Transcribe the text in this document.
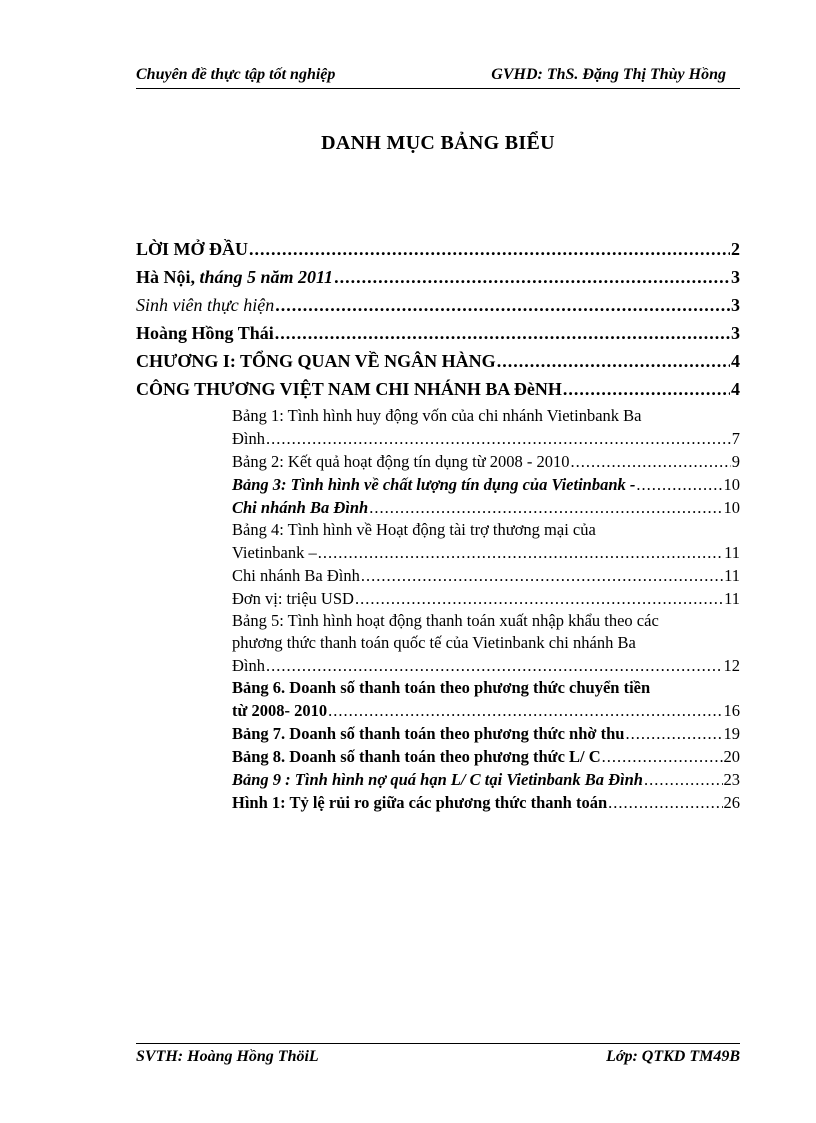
Chuyên đề thực tập tốt nghiệp	GVHD: ThS. Đặng Thị Thùy Hồng
DANH MỤC BẢNG BIỂU
LỜI MỞ ĐẦU .....	2
Hà Nội, tháng 5 năm 2011 .....	3
Sinh viên thực hiện .....	3
Hoàng Hồng Thái .....	3
CHƯƠNG I: TỔNG QUAN VỀ NGÂN HÀNG .....	4
CÔNG THƯƠNG VIỆT NAM CHI NHÁNH BA ĐèNH .....	4
Bảng 1: Tình hình huy động vốn của chi nhánh Vietinbank Ba
Đình .....	7
Bảng 2: Kết quả hoạt động tín dụng từ 2008 - 2010 .....	9
Bảng 3: Tình hình về chất lượng tín dụng của Vietinbank - .....	10
Chi nhánh Ba Đình .....	10
Bảng 4: Tình hình về Hoạt động tài trợ thương mại của
Vietinbank – .....	11
Chi nhánh Ba Đình .....	11
Đơn vị: triệu USD .....	11
Bảng 5: Tình hình hoạt động thanh toán xuất nhập khẩu theo các
phương thức thanh toán quốc tế của Vietinbank chi nhánh Ba
Đình .....	12
Bảng 6. Doanh số thanh toán theo phương thức chuyển tiền
từ 2008- 2010 .....	16
Bảng 7. Doanh số thanh toán theo phương thức nhờ thu .....	19
Bảng 8. Doanh số thanh toán theo phương thức L/ C .....	20
Bảng 9 : Tình hình nợ quá hạn L/ C tại Vietinbank Ba Đình .....	23
Hình 1: Tỷ lệ rủi ro giữa các phương thức thanh toán .....	26
SVTH: Hoàng Hồng ThöiL	Lớp: QTKD TM49B
